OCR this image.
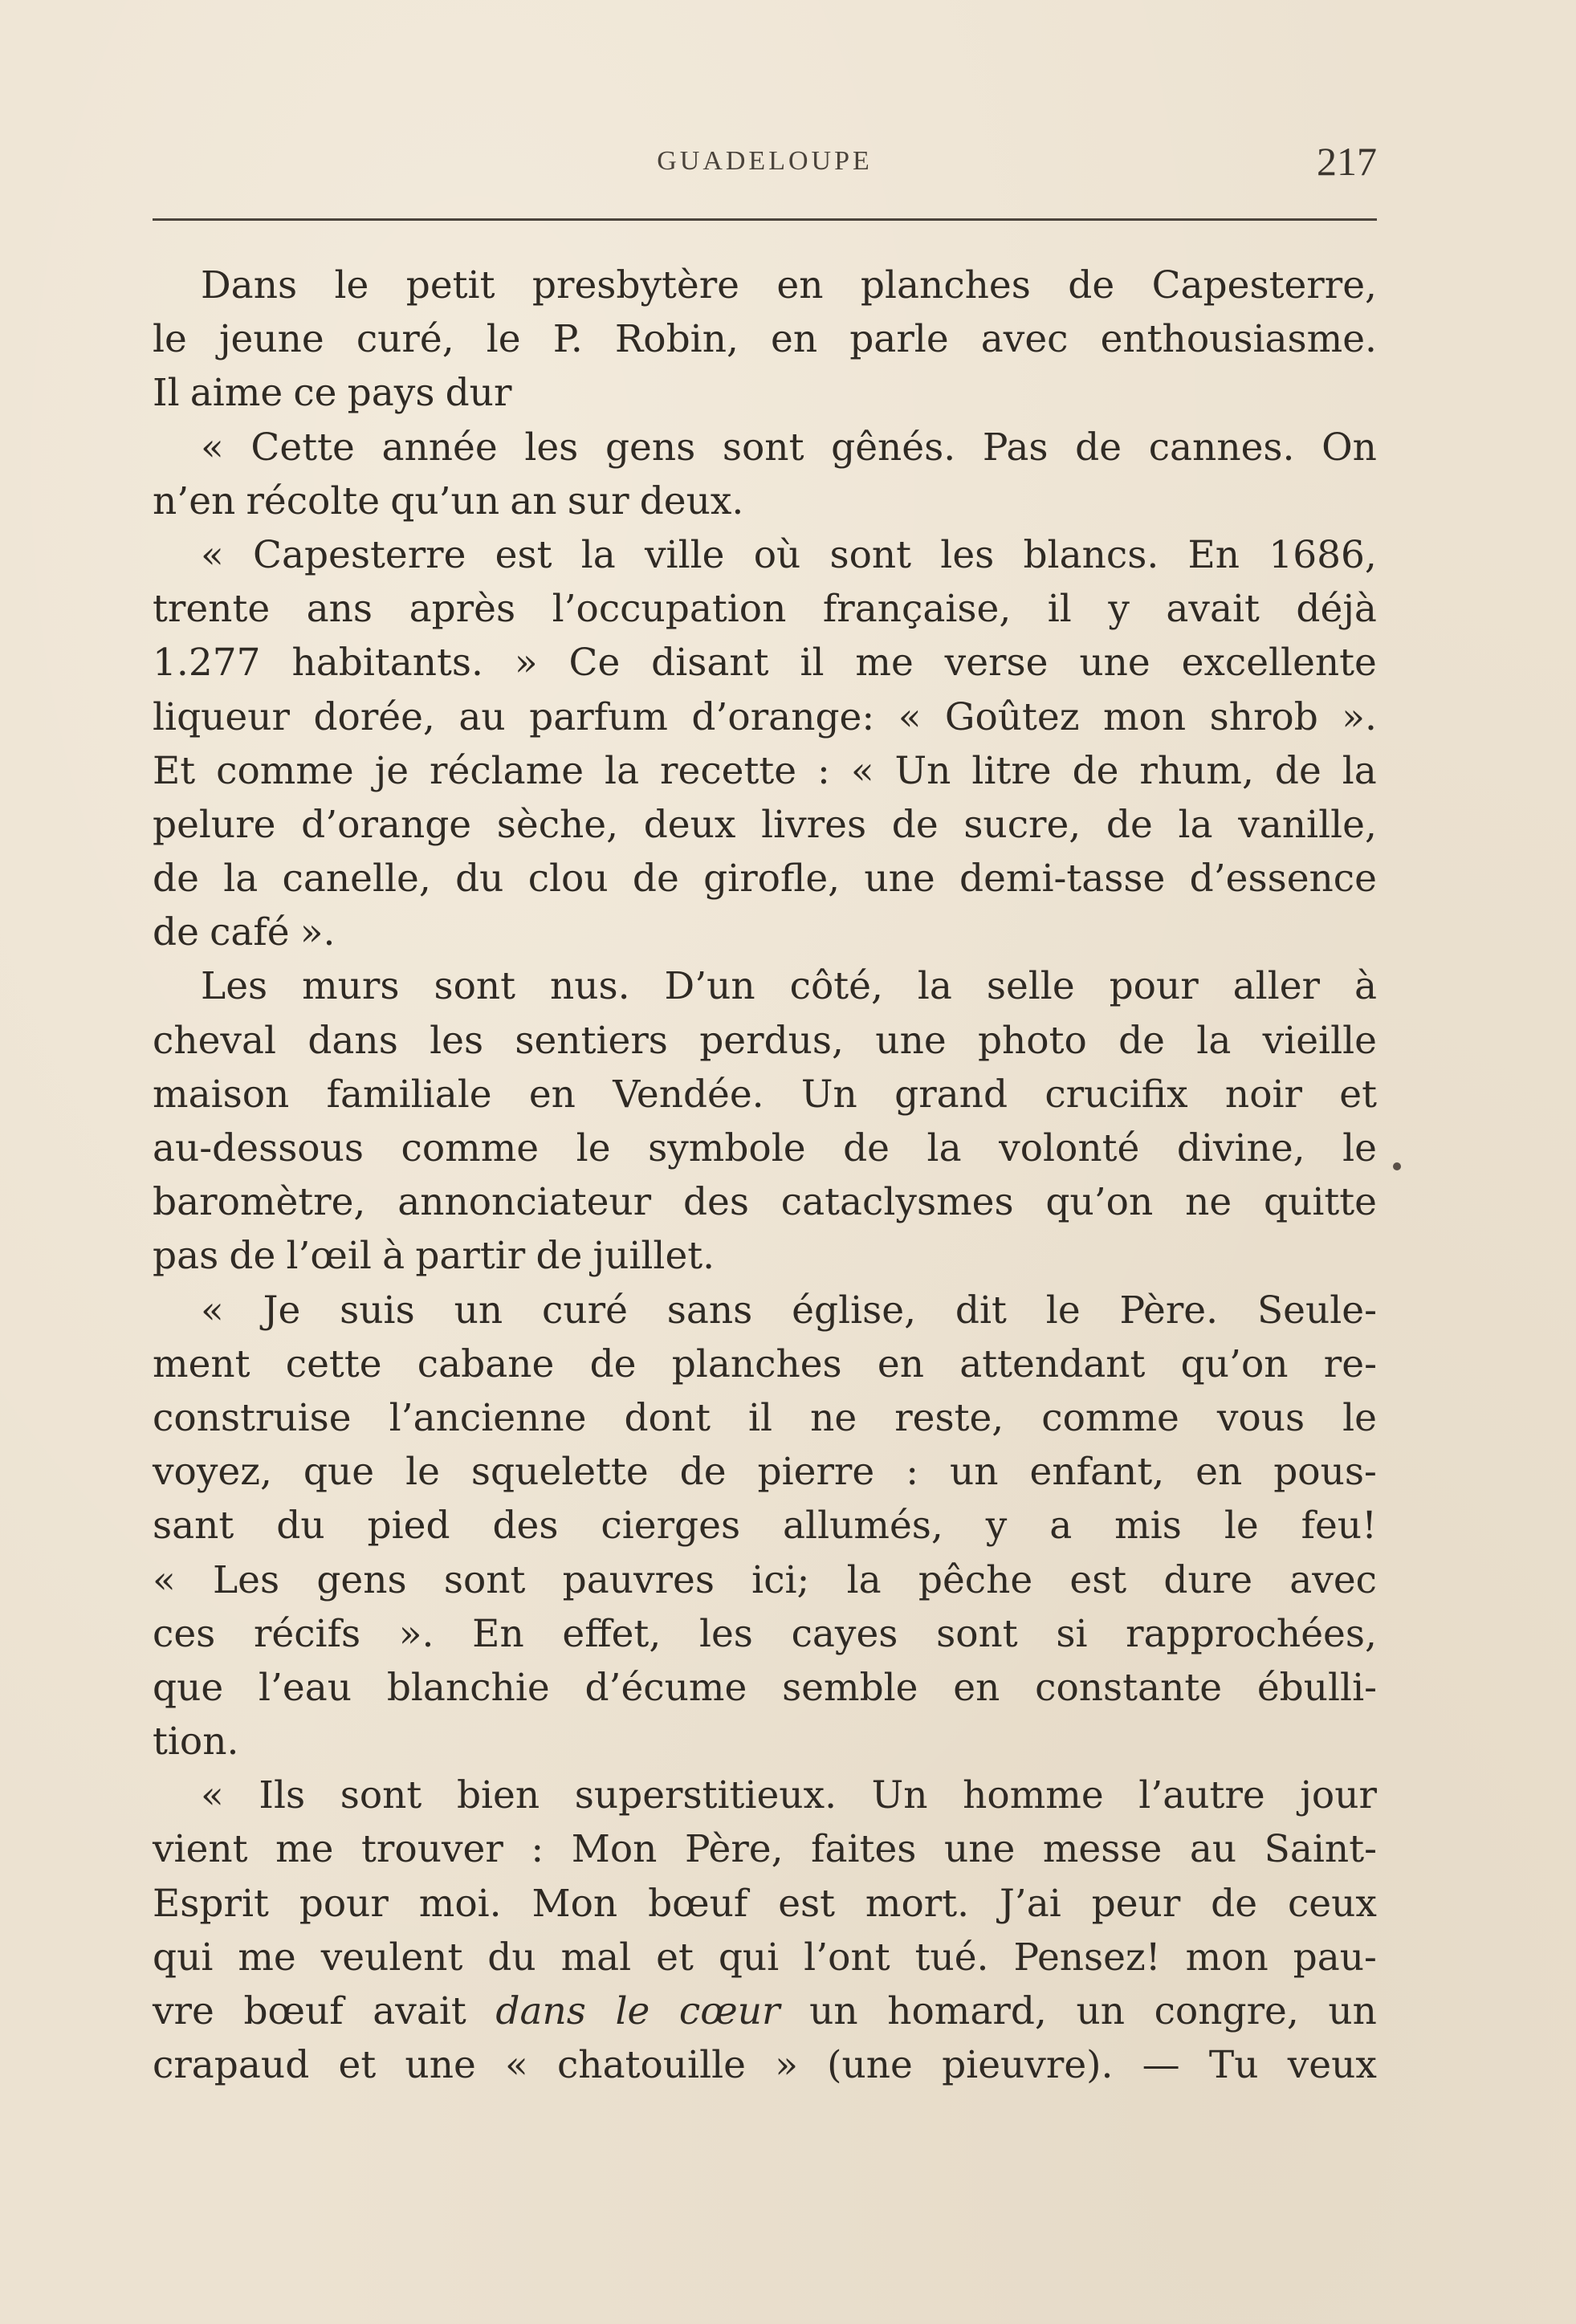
GUADELOUPE	217
Dans le petit presbytère en planches de Capesterre,
le jeune curé, le P. Robin, en parle avec enthousiasme.
Il aime ce pays dur
« Cette année les gens sont gênés. Pas de cannes. On
n’en récolte qu’un an sur deux.
« Capesterre est la ville où sont les blancs. En 1686,
trente ans après l’occupation française, il y avait déjà
1.277 habitants. » Ce disant il me verse une excellente
liqueur dorée, au parfum d’orange: « Goûtez mon shrob ».
Et comme je réclame la recette : « Un litre de rhum, de la
pelure d’orange sèche, deux livres de sucre, de la vanille,
de la canelle, du clou de girofle, une demi-tasse d’essence
de café ».
Les murs sont nus. D’un côté, la selle pour aller à
cheval dans les sentiers perdus, une photo de la vieille
maison familiale en Vendée. Un grand crucifix noir et
au-dessous comme le symbole de la volonté divine, le
baromètre, annonciateur des cataclysmes qu’on ne quitte
pas de l’œil à partir de juillet.
« Je suis un curé sans église, dit le Père. Seule-
ment cette cabane de planches en attendant qu’on re-
construise l’ancienne dont il ne reste, comme vous le
voyez, que le squelette de pierre : un enfant, en pous-
sant du pied des cierges allumés, y a mis le feu!
« Les gens sont pauvres ici; la pêche est dure avec
ces récifs ». En effet, les cayes sont si rapprochées,
que l’eau blanchie d’écume semble en constante ébulli-
tion.
« Ils sont bien superstitieux. Un homme l’autre jour
vient me trouver : Mon Père, faites une messe au Saint-
Esprit pour moi. Mon bœuf est mort. J’ai peur de ceux
qui me veulent du mal et qui l’ont tué. Pensez! mon pau-
vre bœuf avait dans le cœur un homard, un congre, un
crapaud et une « chatouille » (une pieuvre). — Tu veux
